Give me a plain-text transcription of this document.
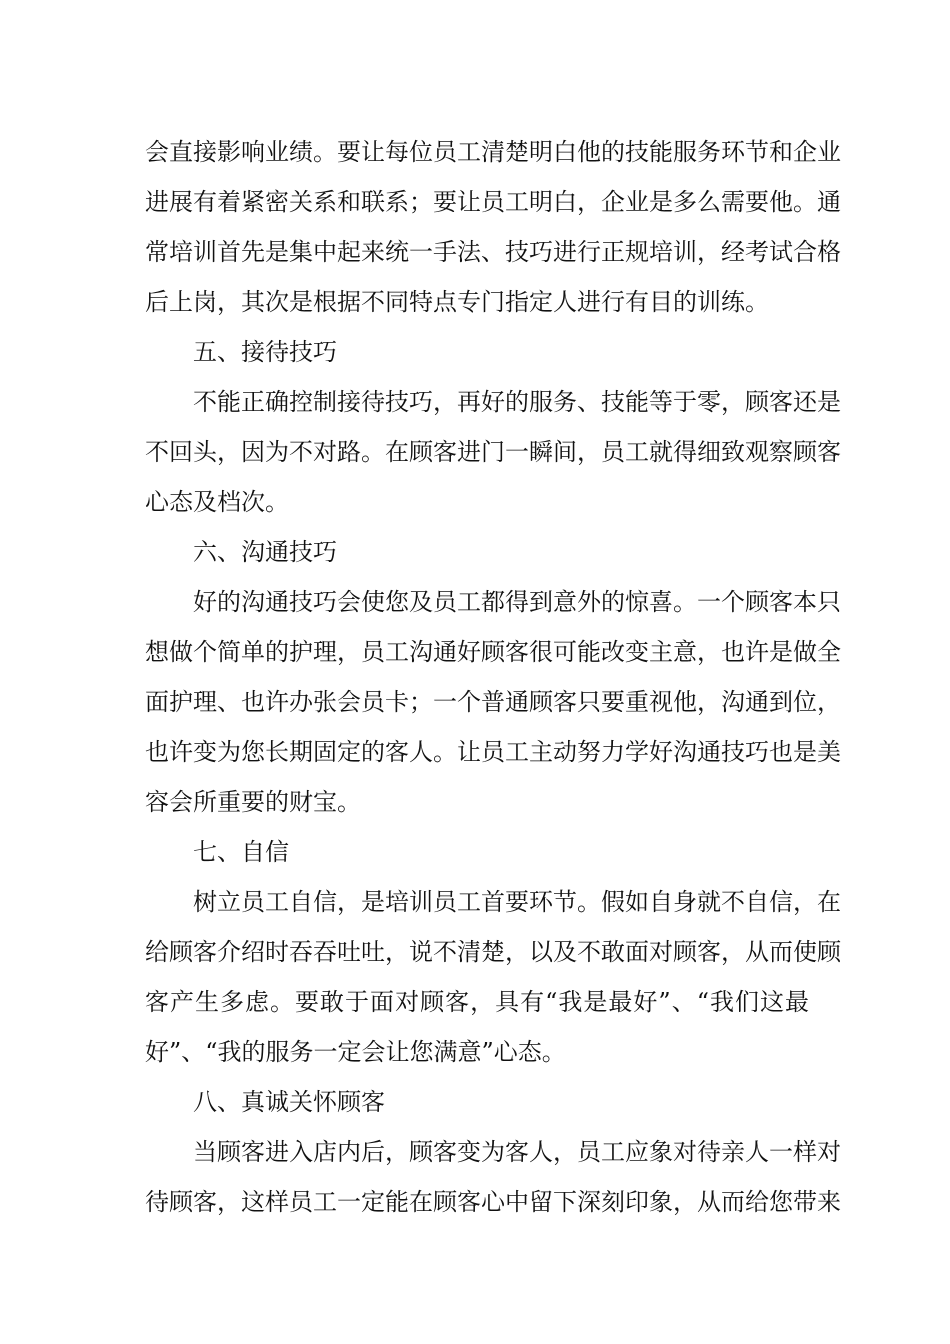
会直接影响业绩。要让每位员工清楚明白他的技能服务环节和企业
进展有着紧密关系和联系；要让员工明白，企业是多么需要他。通
常培训首先是集中起来统一手法、技巧进行正规培训，经考试合格
后上岗，其次是根据不同特点专门指定人进行有目的训练。
五、接待技巧
不能正确控制接待技巧，再好的服务、技能等于零，顾客还是
不回头，因为不对路。在顾客进门一瞬间，员工就得细致观察顾客
心态及档次。
六、沟通技巧
好的沟通技巧会使您及员工都得到意外的惊喜。一个顾客本只
想做个简单的护理，员工沟通好顾客很可能改变主意，也许是做全
面护理、也许办张会员卡；一个普通顾客只要重视他，沟通到位，
也许变为您长期固定的客人。让员工主动努力学好沟通技巧也是美
容会所重要的财宝。
七、自信
树立员工自信，是培训员工首要环节。假如自身就不自信，在
给顾客介绍时吞吞吐吐，说不清楚，以及不敢面对顾客，从而使顾
客产生多虑。要敢于面对顾客，具有“我是最好”、“我们这最
好”、“我的服务一定会让您满意”心态。
八、真诚关怀顾客
当顾客进入店内后，顾客变为客人，员工应象对待亲人一样对
待顾客，这样员工一定能在顾客心中留下深刻印象，从而给您带来
